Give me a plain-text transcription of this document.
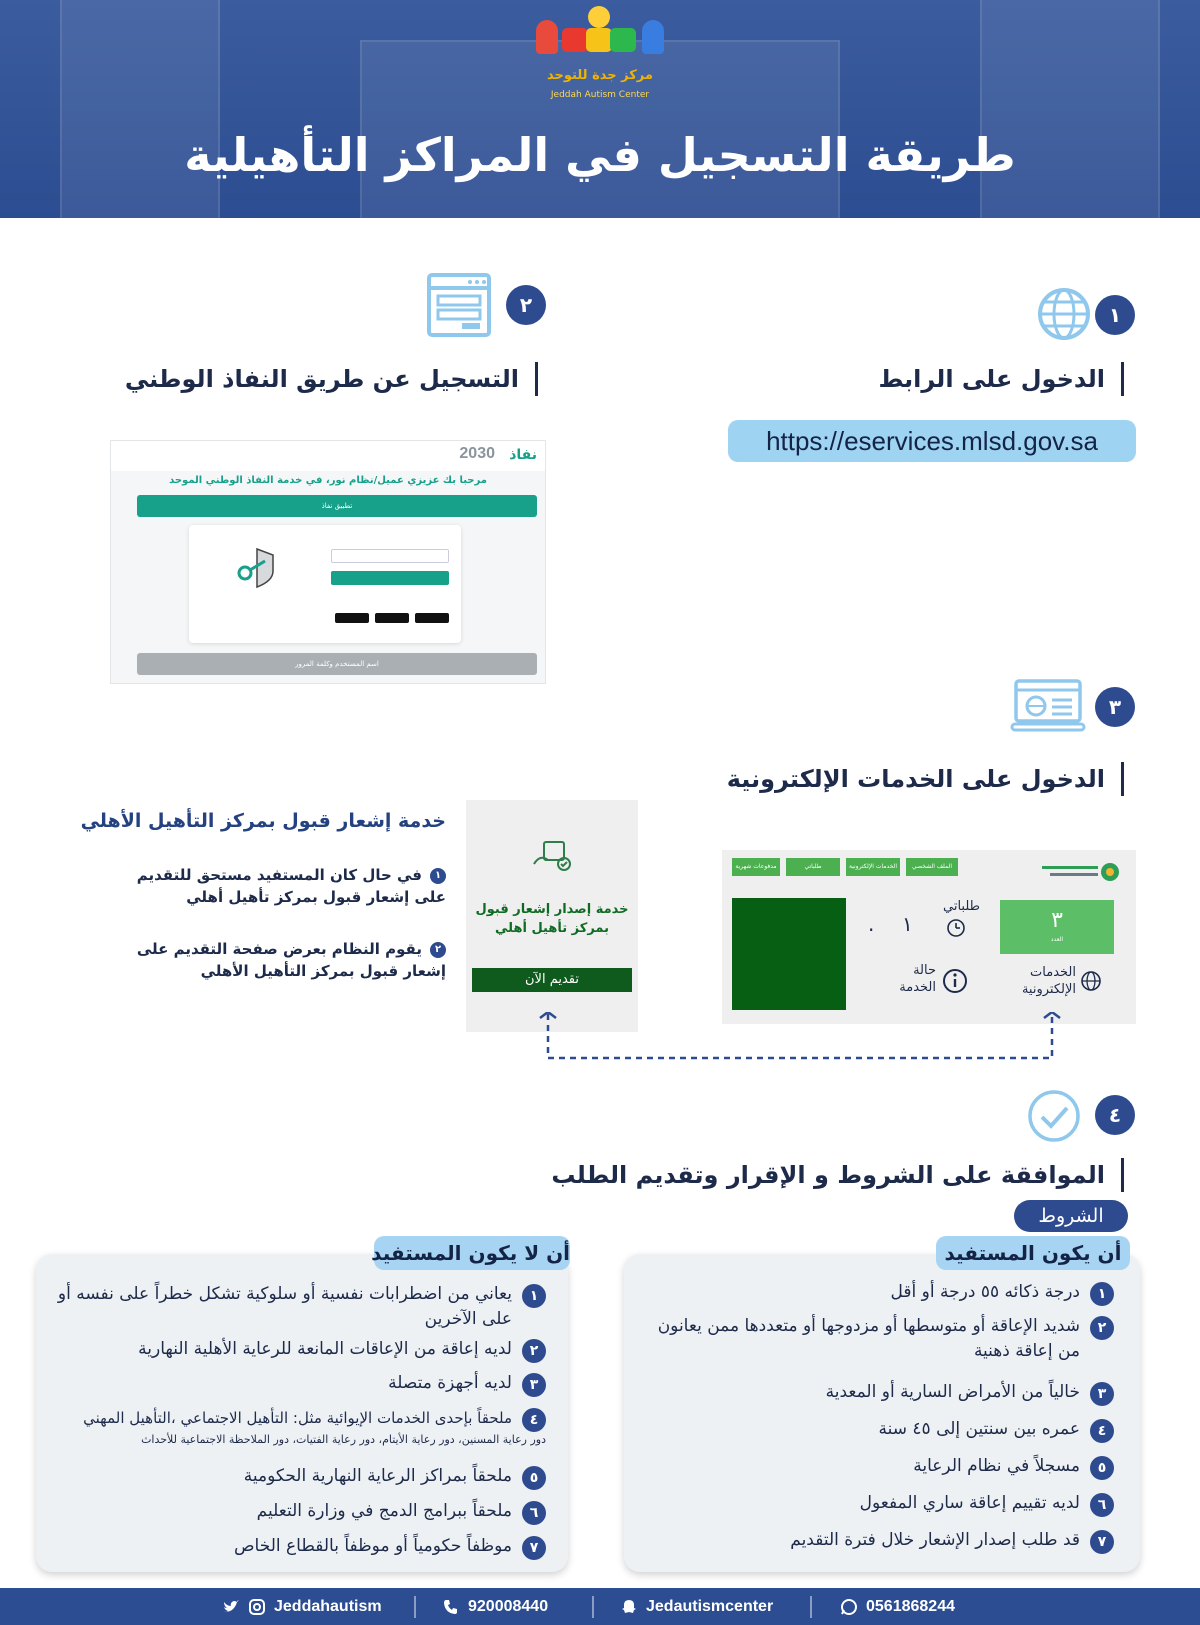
مركز جدة للتوحد
Jeddah Autism Center
طريقة التسجيل في المراكز التأهيلية
١
الدخول على الرابط
https://eservices.mlsd.gov.sa
٢
التسجيل عن طريق النفاذ الوطني
نفاذ
2030
مرحبا بك عزيزي عميل/نظام نور، في خدمة النفاذ الوطني الموحد
تطبيق نفاذ
اسم المستخدم وكلمة المرور
٣
الدخول على الخدمات الإلكترونية
الملف الشخصي
الخدمات الإلكترونية
طلباتي
مدفوعات شهرية
٣
العدد
طلباتي
١
.
حالة الخدمة
الخدمات الإلكترونية
خدمة إصدار إشعار قبول بمركز تأهيل أهلي
تقديم الآن
خدمة إشعار قبول بمركز التأهيل الأهلي
١في حال كان المستفيد مستحق للتقديم على إشعار قبول بمركز تأهيل أهلي
٢يقوم النظام بعرض صفحة التقديم على إشعار قبول بمركز التأهيل الأهلي
٤
الموافقة على الشروط و الإقرار وتقديم الطلب
الشروط
أن يكون المستفيد
١
درجة ذكائه ٥٥ درجة أو أقل
٢
شديد الإعاقة أو متوسطها أو مزدوجها أو متعددها ممن يعانون من إعاقة ذهنية
٣
خالياً من الأمراض السارية أو المعدية
٤
عمره بين سنتين إلى ٤٥ سنة
٥
مسجلاً في نظام الرعاية
٦
لديه تقييم إعاقة ساري المفعول
٧
قد طلب إصدار الإشعار خلال فترة التقديم
أن لا يكون المستفيد
١
يعاني من اضطرابات نفسية أو سلوكية تشكل خطراً على نفسه أو على الآخرين
٢
لديه إعاقة من الإعاقات المانعة للرعاية الأهلية النهارية
٣
لديه أجهزة متصلة
٤
ملحقاً بإحدى الخدمات الإيوائية مثل: التأهيل الاجتماعي ،التأهيل المهني
دور رعاية المسنين، دور رعاية الأيتام، دور رعاية الفتيات، دور الملاحظة الاجتماعية للأحداث
٥
ملحقاً بمراكز الرعاية النهارية الحكومية
٦
ملحقاً ببرامج الدمج في وزارة التعليم
٧
موظفاً حكومياً أو موظفاً بالقطاع الخاص
Jeddahautism	920008440	Jedautismcenter	0561868244
